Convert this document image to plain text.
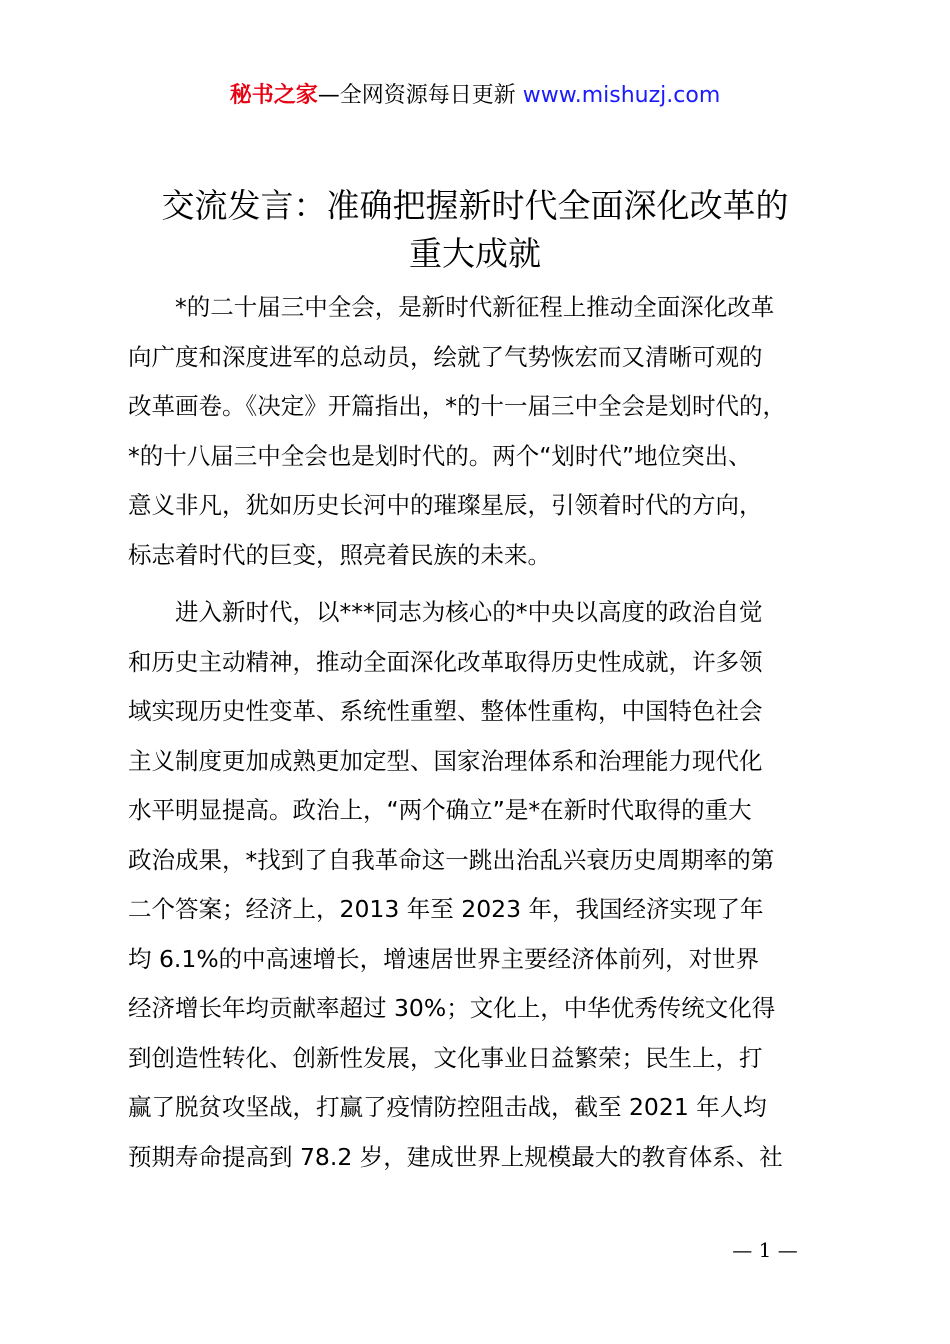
秘书之家—全网资源每日更新 www.mishuzj.com
交流发言：准确把握新时代全面深化改革的
重大成就
*的二十届三中全会，是新时代新征程上推动全面深化改革
向广度和深度进军的总动员，绘就了气势恢宏而又清晰可观的
改革画卷。《决定》开篇指出，*的十一届三中全会是划时代的，
*的十八届三中全会也是划时代的。两个“划时代”地位突出、
意义非凡，犹如历史长河中的璀璨星辰，引领着时代的方向，
标志着时代的巨变，照亮着民族的未来。
进入新时代，以***同志为核心的*中央以高度的政治自觉
和历史主动精神，推动全面深化改革取得历史性成就，许多领
域实现历史性变革、系统性重塑、整体性重构，中国特色社会
主义制度更加成熟更加定型、国家治理体系和治理能力现代化
水平明显提高。政治上，“两个确立”是*在新时代取得的重大
政治成果，*找到了自我革命这一跳出治乱兴衰历史周期率的第
二个答案；经济上，2013 年至 2023 年，我国经济实现了年
均 6.1%的中高速增长，增速居世界主要经济体前列，对世界
经济增长年均贡献率超过 30%；文化上，中华优秀传统文化得
到创造性转化、创新性发展，文化事业日益繁荣；民生上，打
赢了脱贫攻坚战，打赢了疫情防控阻击战，截至 2021 年人均
预期寿命提高到 78.2 岁，建成世界上规模最大的教育体系、社
— 1 —
